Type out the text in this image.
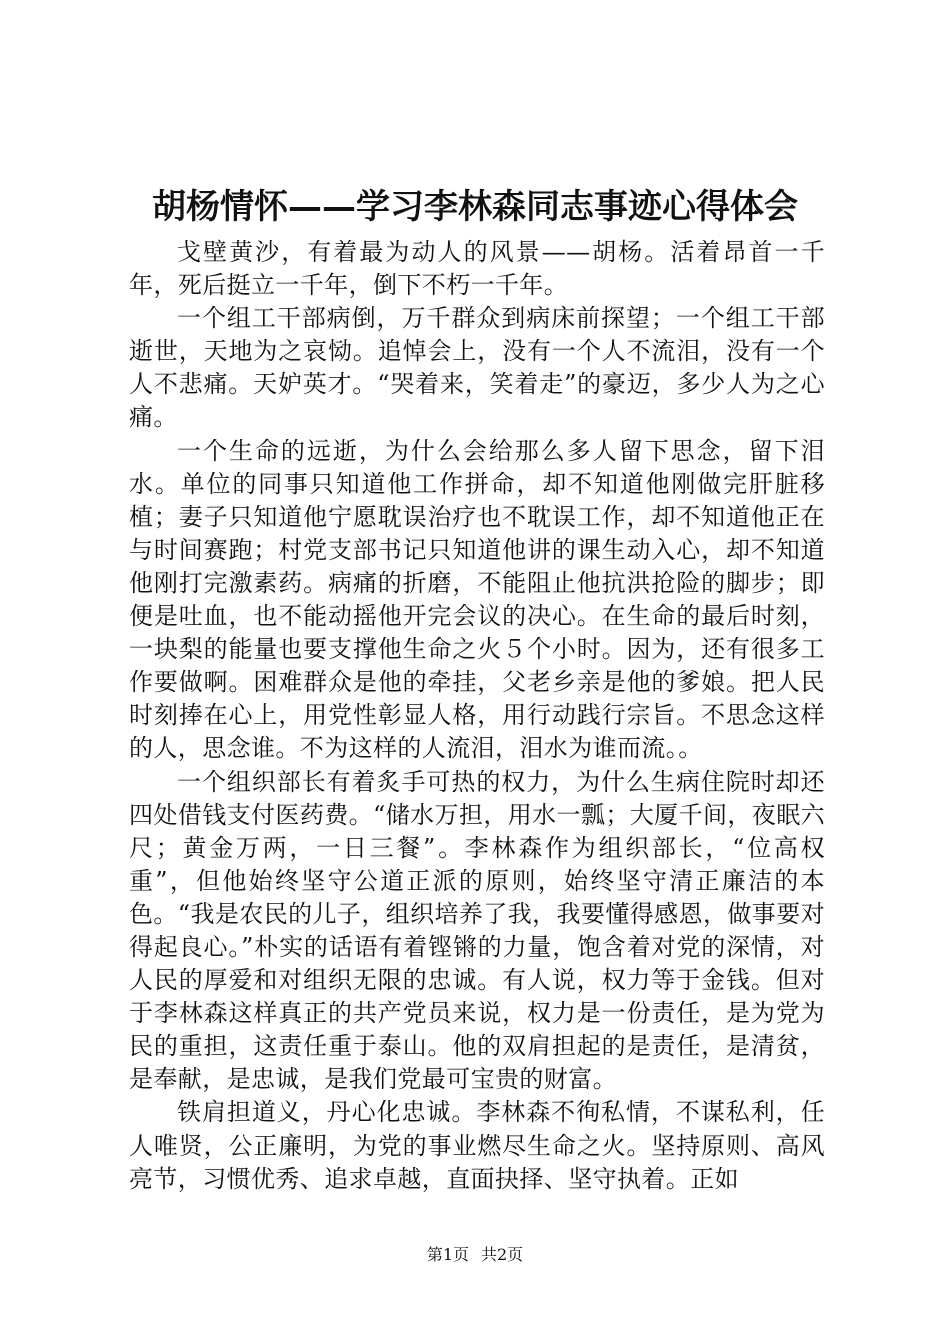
胡杨情怀——学习李林森同志事迹心得体会

戈壁黄沙，有着最为动人的风景——胡杨。活着昂首一千年，死后挺立一千年，倒下不朽一千年。

一个组工干部病倒，万千群众到病床前探望；一个组工干部逝世，天地为之哀恸。追悼会上，没有一个人不流泪，没有一个人不悲痛。天妒英才。“哭着来，笑着走”的豪迈，多少人为之心痛。

一个生命的远逝，为什么会给那么多人留下思念，留下泪水。单位的同事只知道他工作拼命，却不知道他刚做完肝脏移植；妻子只知道他宁愿耽误治疗也不耽误工作，却不知道他正在与时间赛跑；村党支部书记只知道他讲的课生动入心，却不知道他刚打完激素药。病痛的折磨，不能阻止他抗洪抢险的脚步；即便是吐血，也不能动摇他开完会议的决心。在生命的最后时刻，一块梨的能量也要支撑他生命之火５个小时。因为，还有很多工作要做啊。困难群众是他的牵挂，父老乡亲是他的爹娘。把人民时刻捧在心上，用党性彰显人格，用行动践行宗旨。不思念这样的人，思念谁。不为这样的人流泪，泪水为谁而流。。

一个组织部长有着炙手可热的权力，为什么生病住院时却还四处借钱支付医药费。“储水万担，用水一瓢；大厦千间，夜眠六尺；黄金万两，一日三餐”。李林森作为组织部长，“位高权重”，但他始终坚守公道正派的原则，始终坚守清正廉洁的本色。“我是农民的儿子，组织培养了我，我要懂得感恩，做事要对得起良心。”朴实的话语有着铿锵的力量，饱含着对党的深情，对人民的厚爱和对组织无限的忠诚。有人说，权力等于金钱。但对于李林森这样真正的共产党员来说，权力是一份责任，是为党为民的重担，这责任重于泰山。他的双肩担起的是责任，是清贫，是奉献，是忠诚，是我们党最可宝贵的财富。

铁肩担道义，丹心化忠诚。李林森不徇私情，不谋私利，任人唯贤，公正廉明，为党的事业燃尽生命之火。坚持原则、高风亮节，习惯优秀、追求卓越，直面抉择、坚守执着。正如

第1页 共2页
